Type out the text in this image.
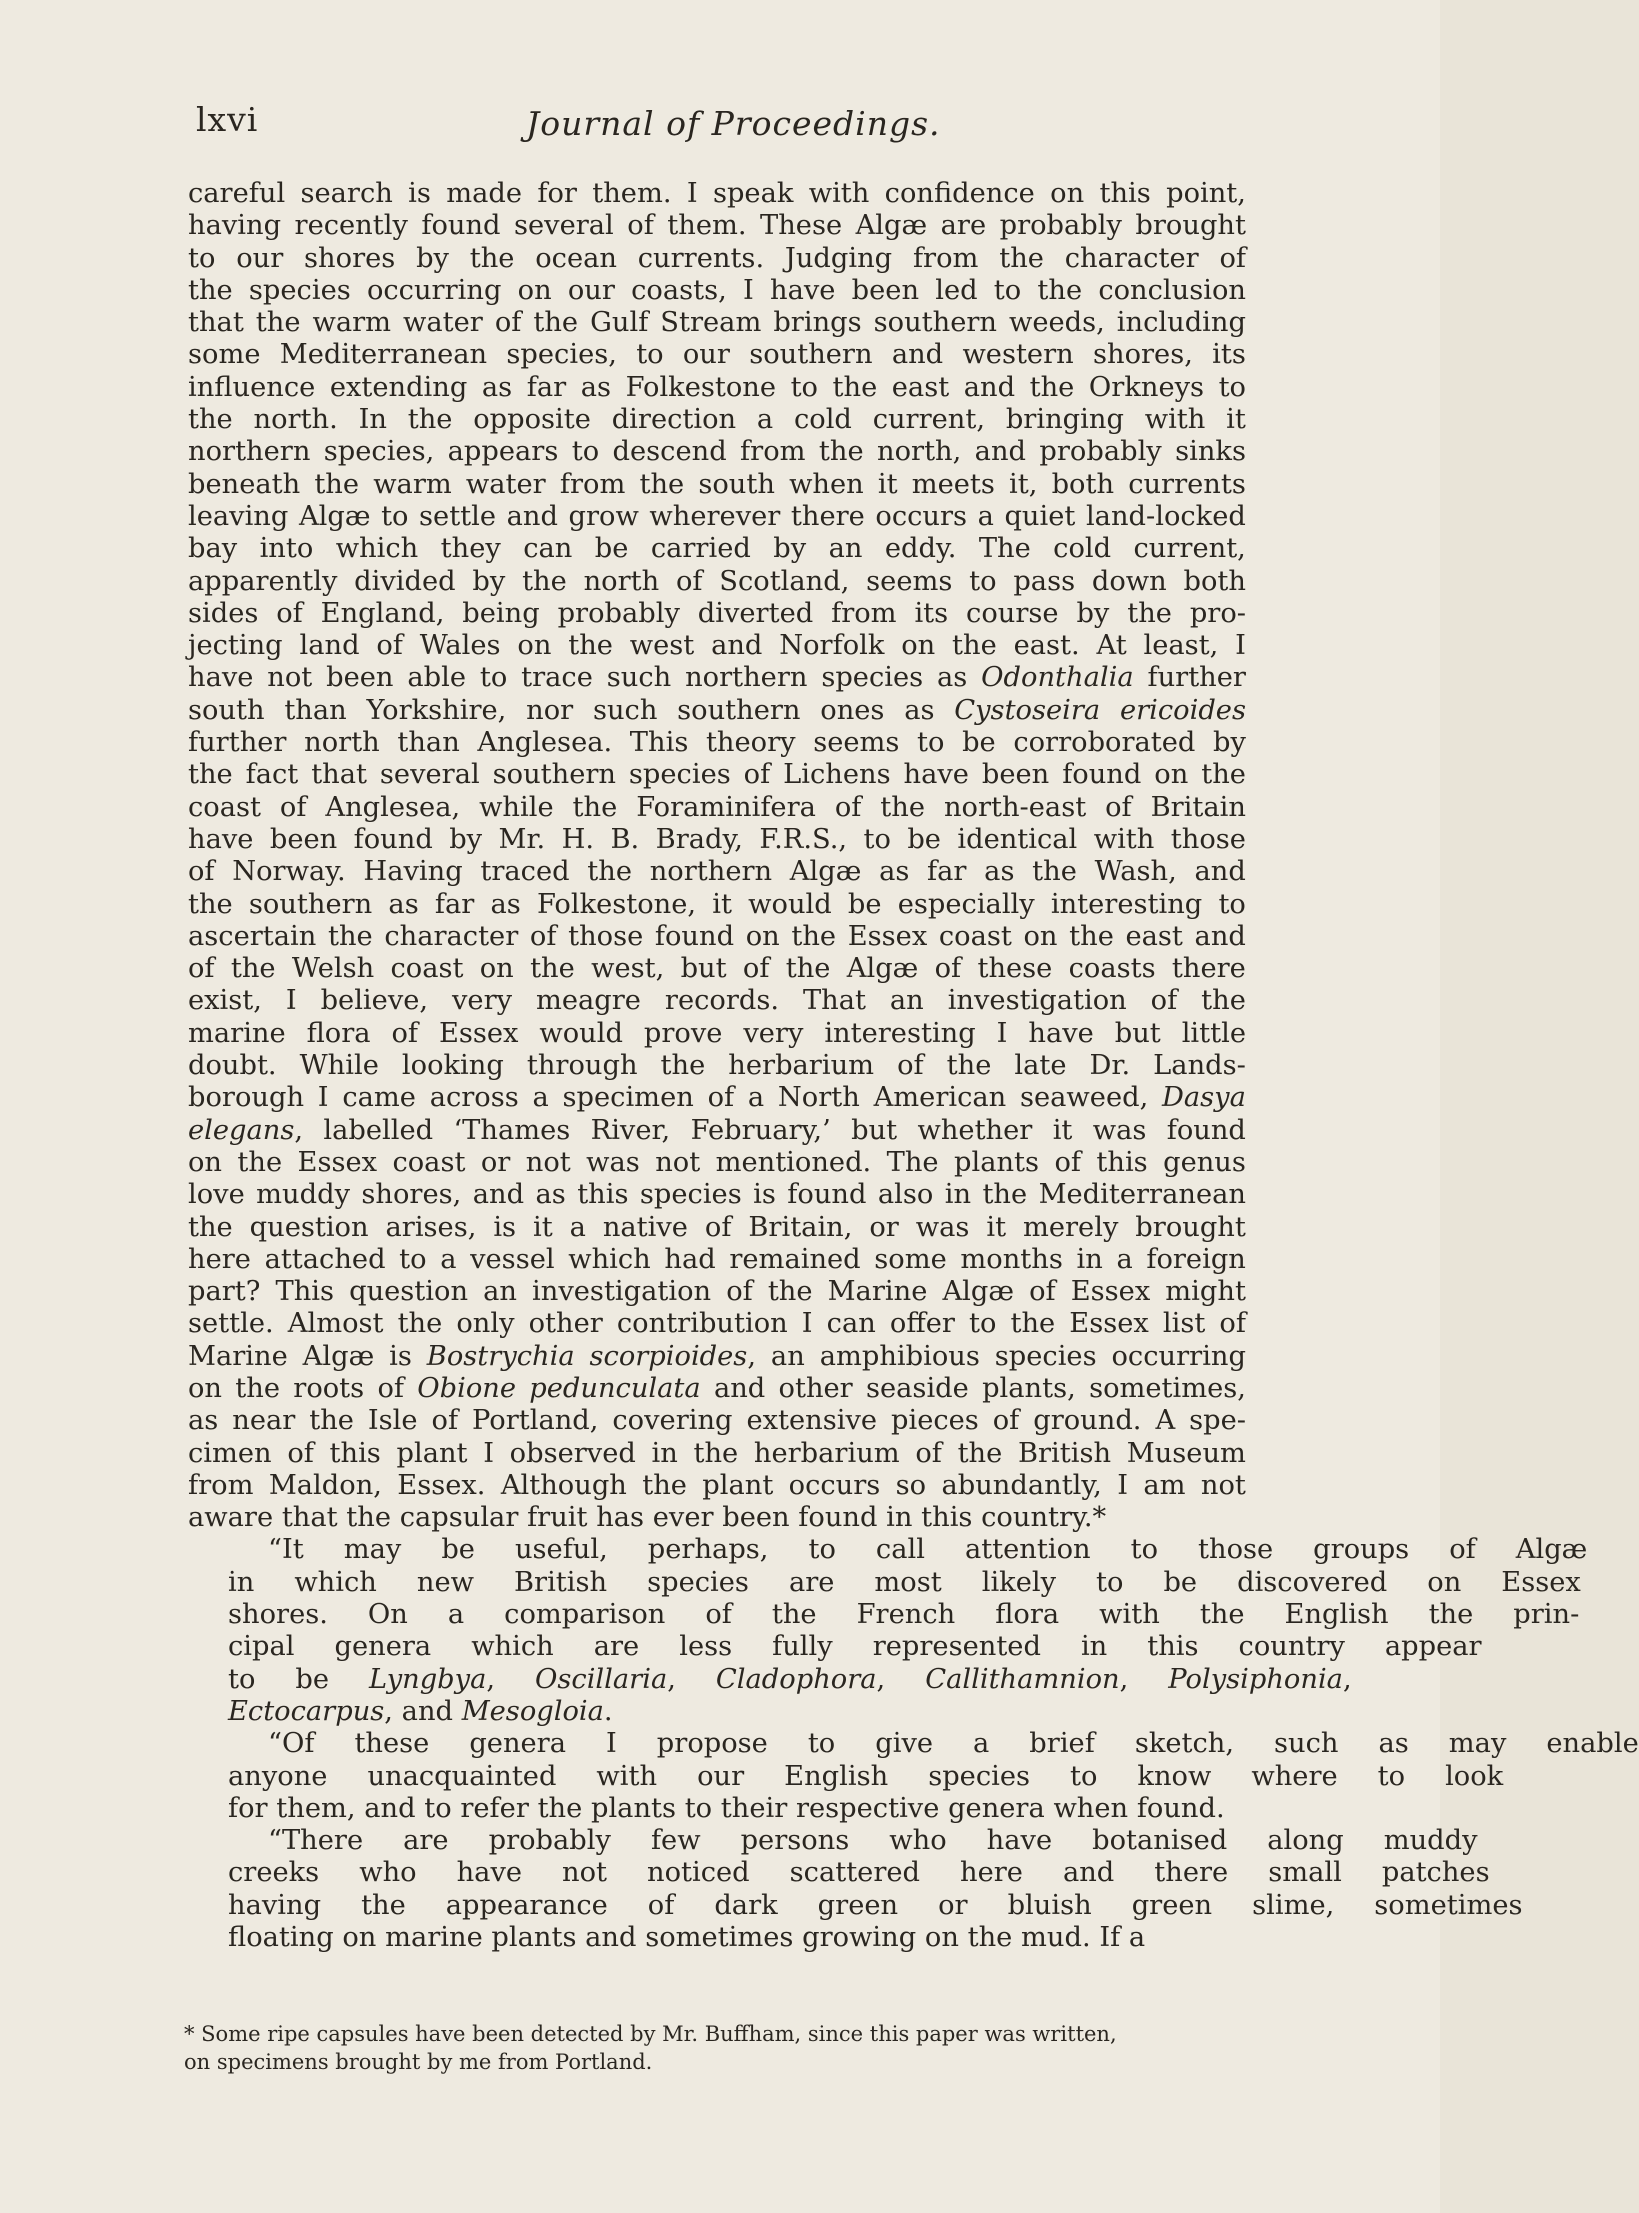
lxvi	Journal of Proceedings.
careful search is made for them. I speak with confidence on this point,
having recently found several of them. These Algæ are probably brought
to our shores by the ocean currents. Judging from the character of
the species occurring on our coasts, I have been led to the conclusion
that the warm water of the Gulf Stream brings southern weeds, including
some Mediterranean species, to our southern and western shores, its
influence extending as far as Folkestone to the east and the Orkneys to
the north. In the opposite direction a cold current, bringing with it
northern species, appears to descend from the north, and probably sinks
beneath the warm water from the south when it meets it, both currents
leaving Algæ to settle and grow wherever there occurs a quiet land-locked
bay into which they can be carried by an eddy. The cold current,
apparently divided by the north of Scotland, seems to pass down both
sides of England, being probably diverted from its course by the pro-
jecting land of Wales on the west and Norfolk on the east. At least, I
have not been able to trace such northern species as Odonthalia further
south than Yorkshire, nor such southern ones as Cystoseira ericoides
further north than Anglesea. This theory seems to be corroborated by
the fact that several southern species of Lichens have been found on the
coast of Anglesea, while the Foraminifera of the north-east of Britain
have been found by Mr. H. B. Brady, F.R.S., to be identical with those
of Norway. Having traced the northern Algæ as far as the Wash, and
the southern as far as Folkestone, it would be especially interesting to
ascertain the character of those found on the Essex coast on the east and
of the Welsh coast on the west, but of the Algæ of these coasts there
exist, I believe, very meagre records. That an investigation of the
marine flora of Essex would prove very interesting I have but little
doubt. While looking through the herbarium of the late Dr. Lands-
borough I came across a specimen of a North American seaweed, Dasya
elegans, labelled ‘Thames River, February,’ but whether it was found
on the Essex coast or not was not mentioned. The plants of this genus
love muddy shores, and as this species is found also in the Mediterranean
the question arises, is it a native of Britain, or was it merely brought
here attached to a vessel which had remained some months in a foreign
part? This question an investigation of the Marine Algæ of Essex might
settle. Almost the only other contribution I can offer to the Essex list of
Marine Algæ is Bostrychia scorpioides, an amphibious species occurring
on the roots of Obione pedunculata and other seaside plants, sometimes,
as near the Isle of Portland, covering extensive pieces of ground. A spe-
cimen of this plant I observed in the herbarium of the British Museum
from Maldon, Essex. Although the plant occurs so abundantly, I am not
aware that the capsular fruit has ever been found in this country.*
“It	may	be	useful,	perhaps,	to	call	attention	to	those	groups	of	Algæ
in	which	new	British	species	are	most	likely	to	be	discovered	on	Essex
shores.	On	a	comparison	of	the	French	flora	with	the	English	the	prin-
cipal	genera	which	are	less	fully	represented	in	this	country	appear
to	be	Lyngbya,	Oscillaria,	Cladophora,	Callithamnion,	Polysiphonia,
Ectocarpus, and Mesogloia.
“Of	these	genera	I	propose	to	give	a	brief	sketch,	such	as	may	enable
anyone	unacquainted	with	our	English	species	to	know	where	to	look
for them, and to refer the plants to their respective genera when found.
“There	are	probably	few	persons	who	have	botanised	along	muddy
creeks	who	have	not	noticed	scattered	here	and	there	small	patches
having	the	appearance	of	dark	green	or	bluish	green	slime,	sometimes
floating on marine plants and sometimes growing on the mud. If a
* Some ripe capsules have been detected by Mr. Buffham, since this paper was written,
on specimens brought by me from Portland.
